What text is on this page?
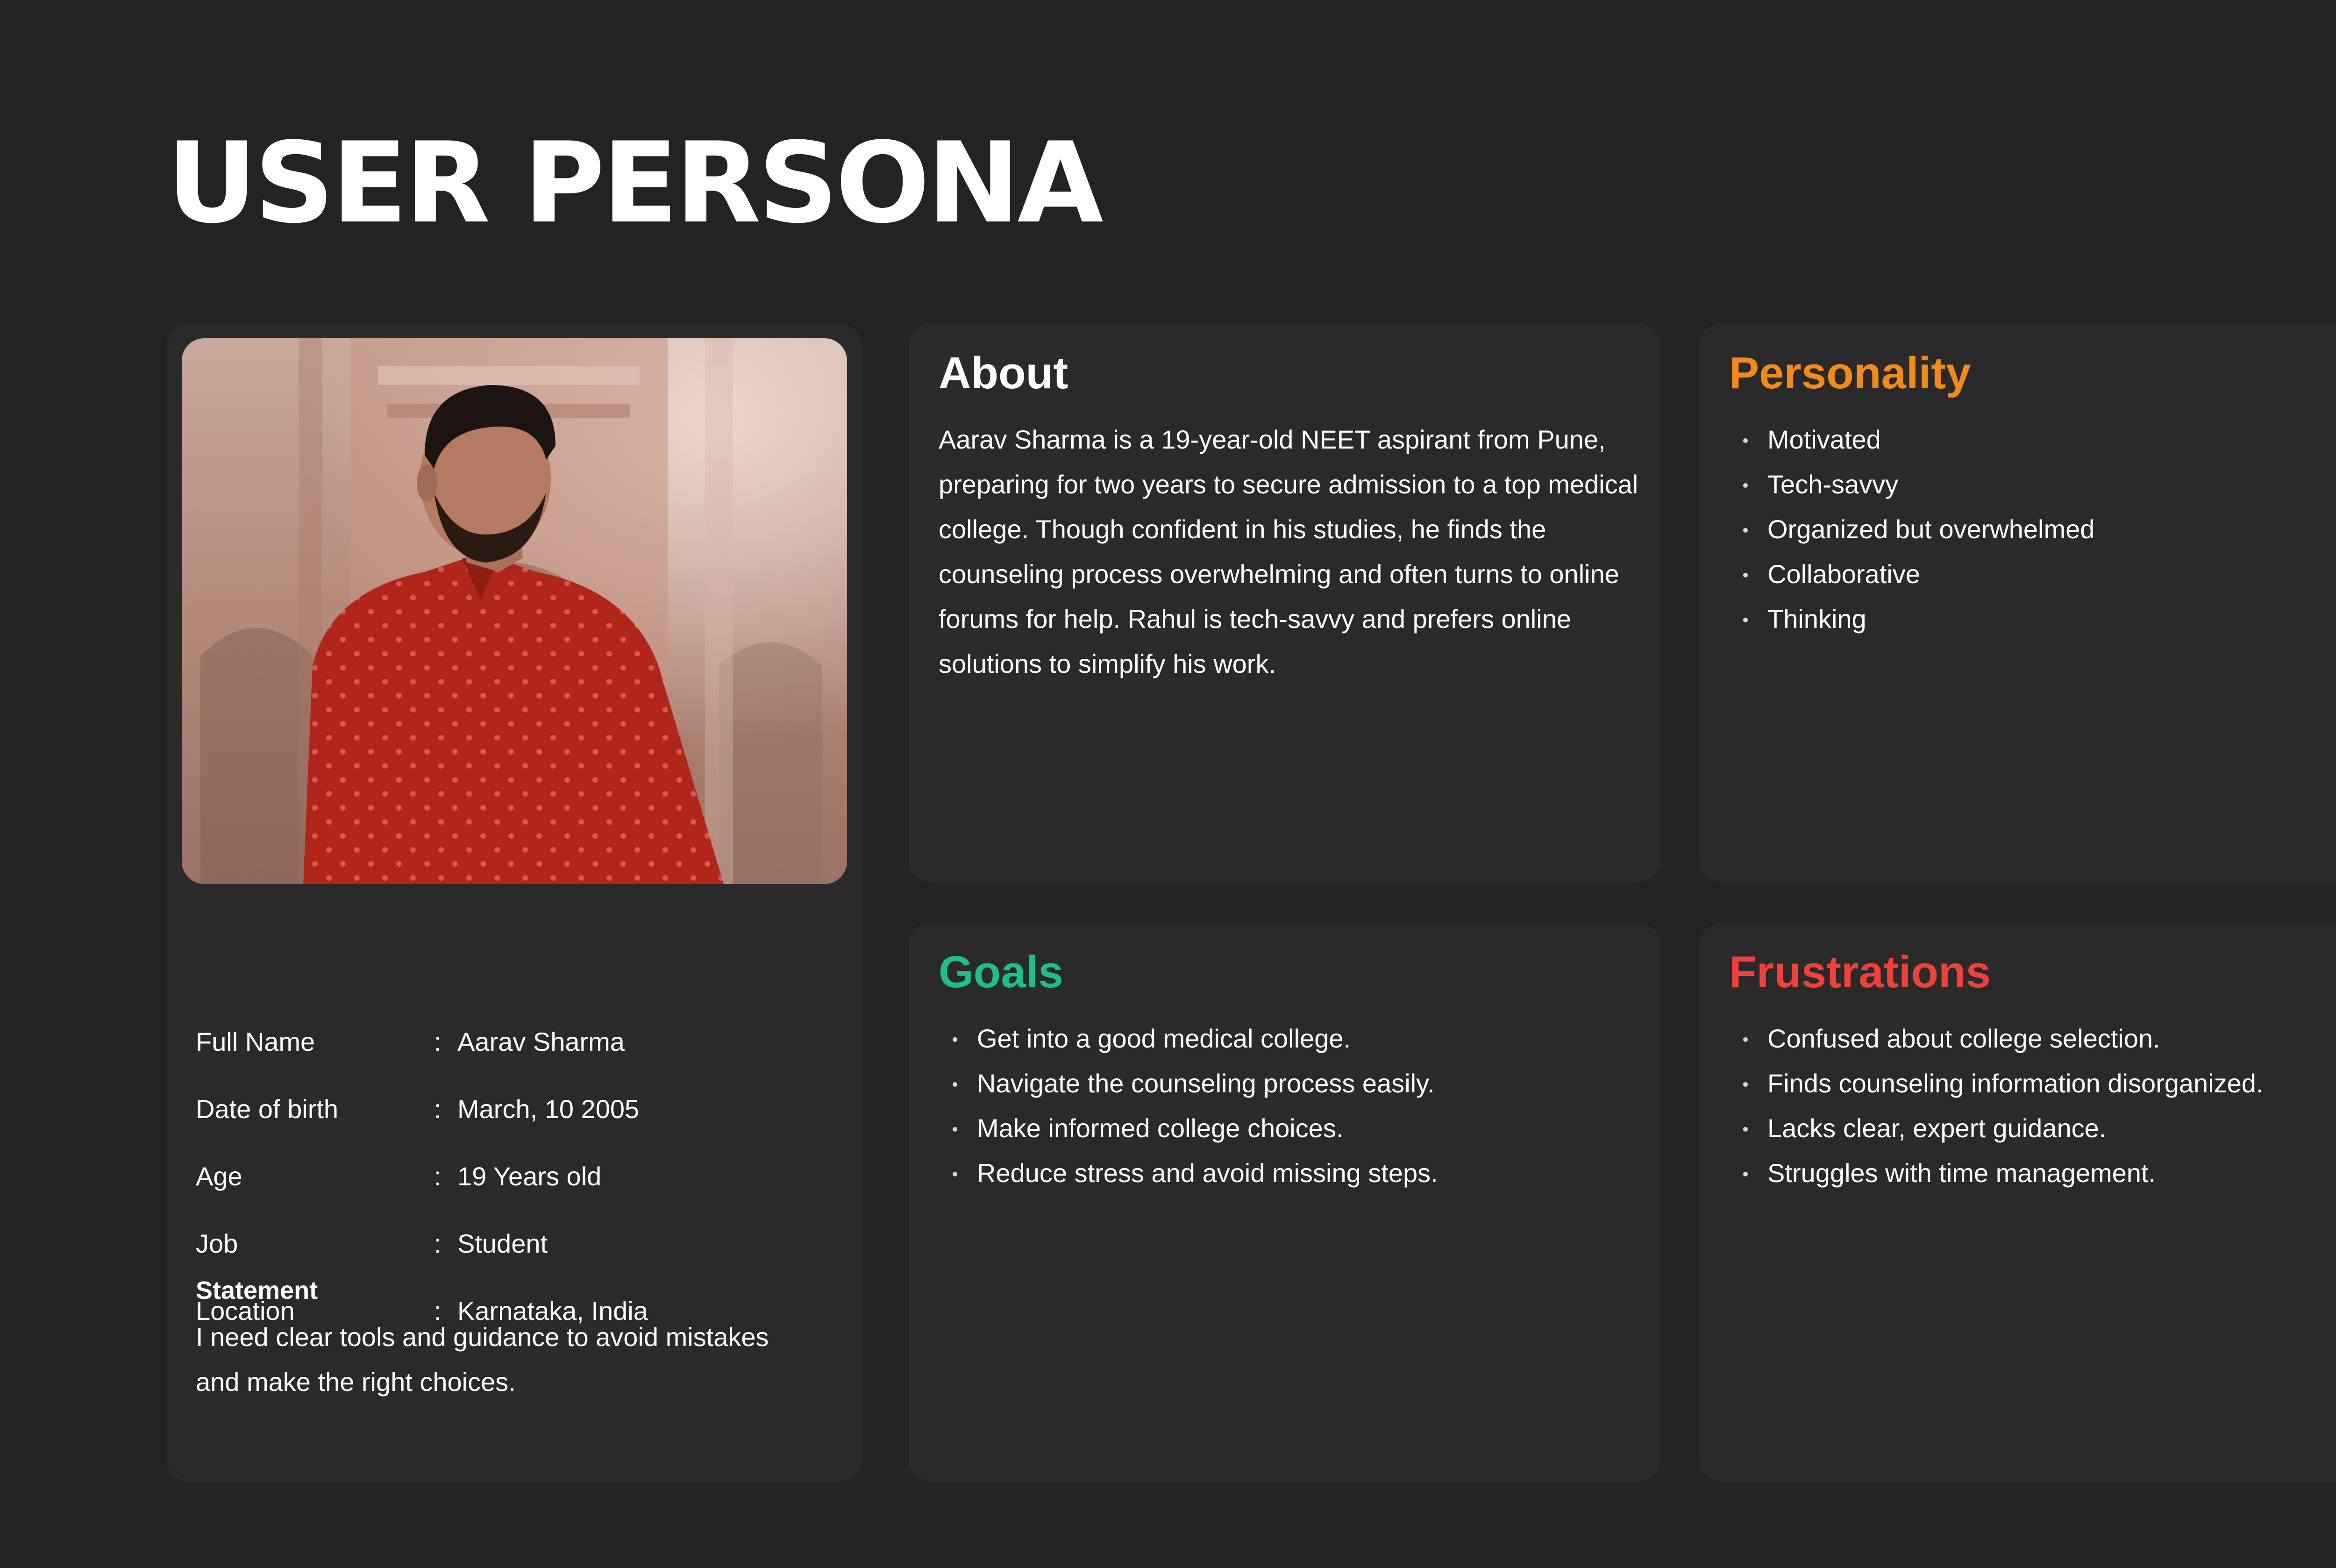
USER PERSONA
Full Name	: Aarav Sharma
Date of birth	: March, 10 2005
Age	: 19 Years old
Job	: Student
Location	: Karnataka, India
Statement

I need clear tools and guidance to avoid mistakes and make the right choices.

About

Aarav Sharma is a 19-year-old NEET aspirant from Pune, preparing for two years to secure admission to a top medical college. Though confident in his studies, he finds the counseling process overwhelming and often turns to online forums for help. Rahul is tech-savvy and prefers online solutions to simplify his work.

Personality
Motivated
Tech-savvy
Organized but overwhelmed
Collaborative
Thinking
Goals
Get into a good medical college.
Navigate the counseling process easily.
Make informed college choices.
Reduce stress and avoid missing steps.
Frustrations
Confused about college selection.
Finds counseling information disorganized.
Lacks clear, expert guidance.
Struggles with time management.
